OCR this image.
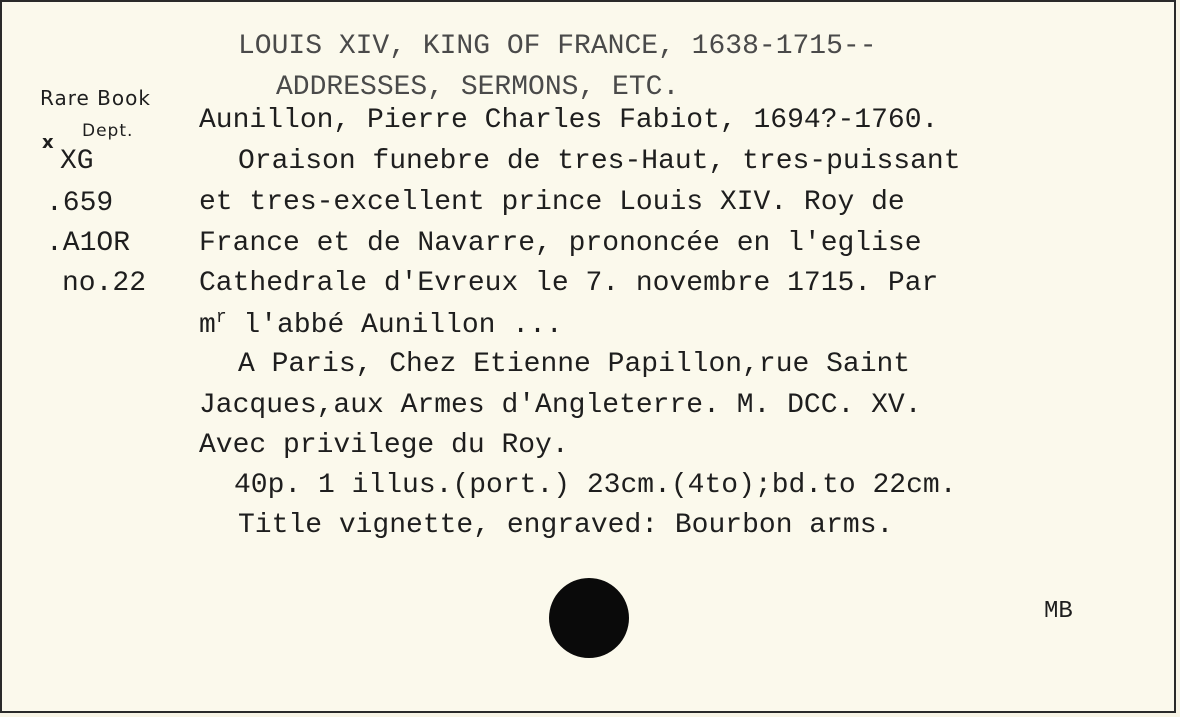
LOUIS XIV, KING OF FRANCE, 1638-1715--
ADDRESSES, SERMONS, ETC.
Rare Book
Dept.
x
XG
.659
.A1OR
no.22
Aunillon, Pierre Charles Fabiot, 1694?-1760.
Oraison funebre de tres-Haut, tres-puissant
et tres-excellent prince Louis XIV. Roy de
France et de Navarre, prononcée en l'eglise
Cathedrale d'Evreux le 7. novembre 1715. Par
$m^r$ l'abbé Aunillon ...
A Paris, Chez Etienne Papillon,rue Saint
Jacques,aux Armes d'Angleterre. M. DCC. XV.
Avec privilege du Roy.
40p. 1 illus.(port.) 23cm.(4to);bd.to 22cm.
Title vignette, engraved: Bourbon arms.
MB
